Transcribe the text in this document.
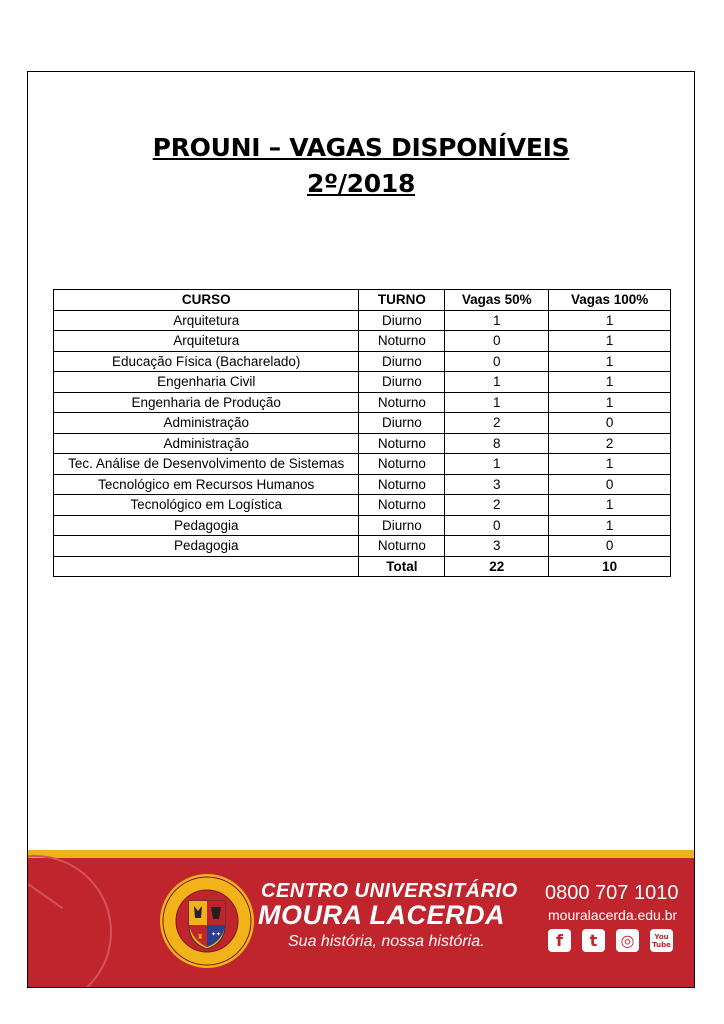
PROUNI – VAGAS DISPONÍVEIS
2º/2018
CURSO	TURNO	Vagas 50%	Vagas 100%
Arquitetura	Diurno	1	1
Arquitetura	Noturno	0	1
Educação Física (Bacharelado)	Diurno	0	1
Engenharia Civil	Diurno	1	1
Engenharia de Produção	Noturno	1	1
Administração	Diurno	2	0
Administração	Noturno	8	2
Tec. Análise de Desenvolvimento de Sistemas	Noturno	1	1
Tecnológico em Recursos Humanos	Noturno	3	0
Tecnológico em Logística	Noturno	2	1
Pedagogia	Diurno	0	1
Pedagogia	Noturno	3	0
	Total	22	10
♜ ✦✦
CENTRO UNIVERSITÁRIO
MOURA LACERDA
Sua história, nossa história.
0800 707 1010
mouralacerda.edu.br
f	t	◎	You
Tube
